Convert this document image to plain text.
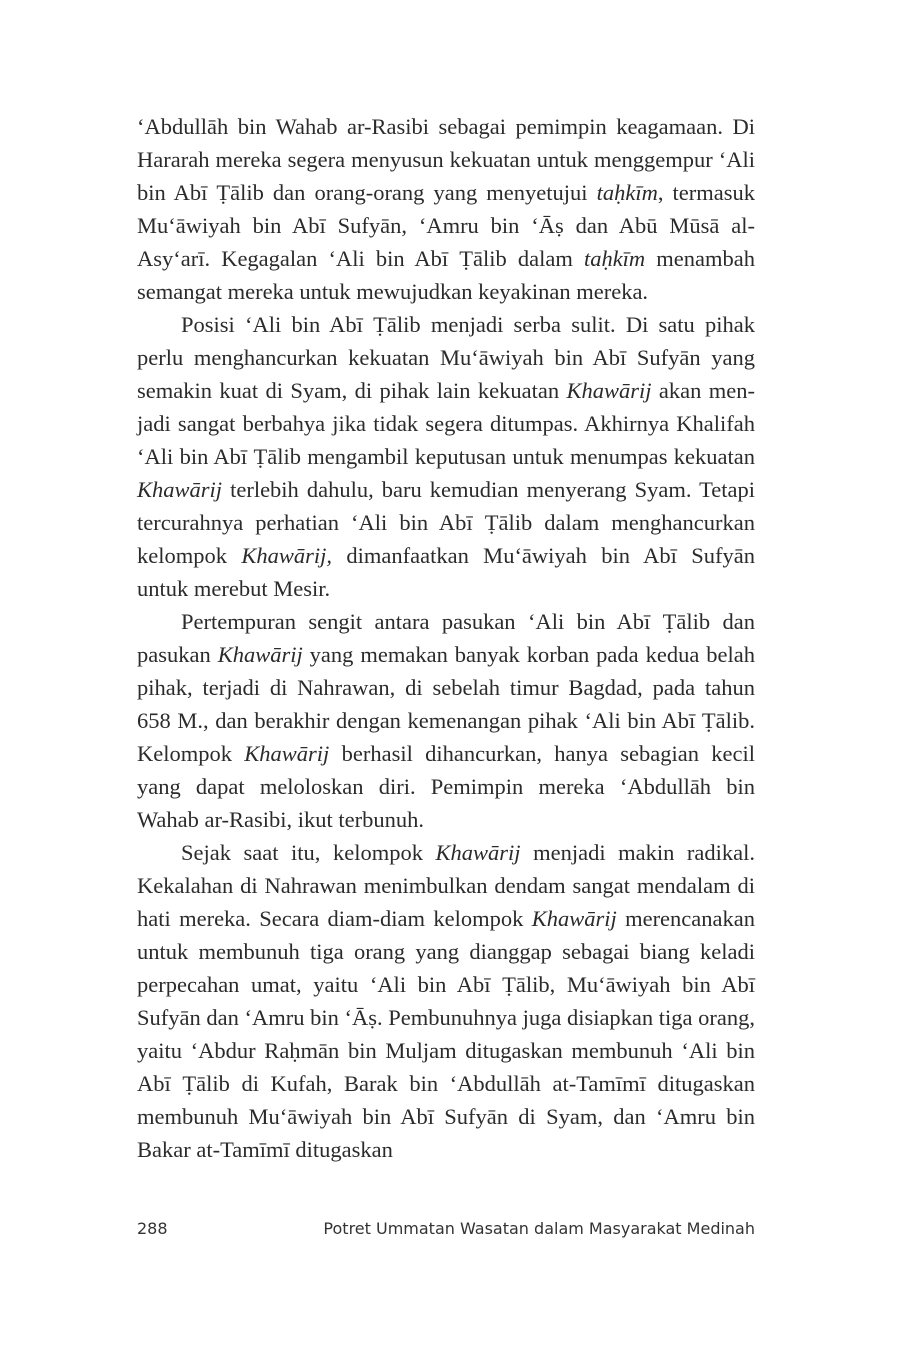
‘Abdullāh bin Wahab ar-Rasibi sebagai pemimpin keagamaan. Di Hararah mereka segera menyusun kekuatan untuk menggempur ‘Ali bin Abī Ṭālib dan orang-orang yang menyetujui taḥkīm, termasuk Mu‘āwiyah bin Abī Sufyān, ‘Amru bin ‘Āṣ dan Abū Mūsā al-Asy‘arī. Kegagalan ‘Ali bin Abī Ṭālib dalam taḥkīm menambah semangat mereka untuk mewujudkan keyakinan mereka.

Posisi ‘Ali bin Abī Ṭālib menjadi serba sulit. Di satu pihak perlu menghancurkan kekuatan Mu‘āwiyah bin Abī Sufyān yang semakin kuat di Syam, di pihak lain kekuatan Khawārij akan menjadi sangat berbahya jika tidak segera ditumpas. Akhirnya Khalifah ‘Ali bin Abī Ṭālib mengambil keputusan untuk menumpas kekuatan Khawārij terlebih dahulu, baru kemudian menyerang Syam. Tetapi tercurahnya perhatian ‘Ali bin Abī Ṭālib dalam menghancurkan kelompok Khawārij, dimanfaatkan Mu‘āwiyah bin Abī Sufyān untuk merebut Mesir.

Pertempuran sengit antara pasukan ‘Ali bin Abī Ṭālib dan pasukan Khawārij yang memakan banyak korban pada kedua belah pihak, terjadi di Nahrawan, di sebelah timur Bagdad, pada tahun 658 M., dan berakhir dengan kemenangan pihak ‘Ali bin Abī Ṭālib. Kelompok Khawārij berhasil dihancurkan, hanya sebagian kecil yang dapat meloloskan diri. Pemimpin mereka ‘Abdullāh bin Wahab ar-Rasibi, ikut terbunuh.

Sejak saat itu, kelompok Khawārij menjadi makin radikal. Kekalahan di Nahrawan menimbulkan dendam sangat mendalam di hati mereka. Secara diam-diam kelompok Khawārij merencanakan untuk membunuh tiga orang yang dianggap sebagai biang keladi perpecahan umat, yaitu ‘Ali bin Abī Ṭālib, Mu‘āwiyah bin Abī Sufyān dan ‘Amru bin ‘Āṣ. Pembunuhnya juga disiapkan tiga orang, yaitu ‘Abdur Raḥmān bin Muljam ditugaskan membunuh ‘Ali bin Abī Ṭālib di Kufah, Barak bin ‘Abdullāh at-Tamīmī ditugaskan membunuh Mu‘āwiyah bin Abī Sufyān di Syam, dan ‘Amru bin Bakar at-Tamīmī ditugaskan

288	Potret Ummatan Wasatan dalam Masyarakat Medinah
